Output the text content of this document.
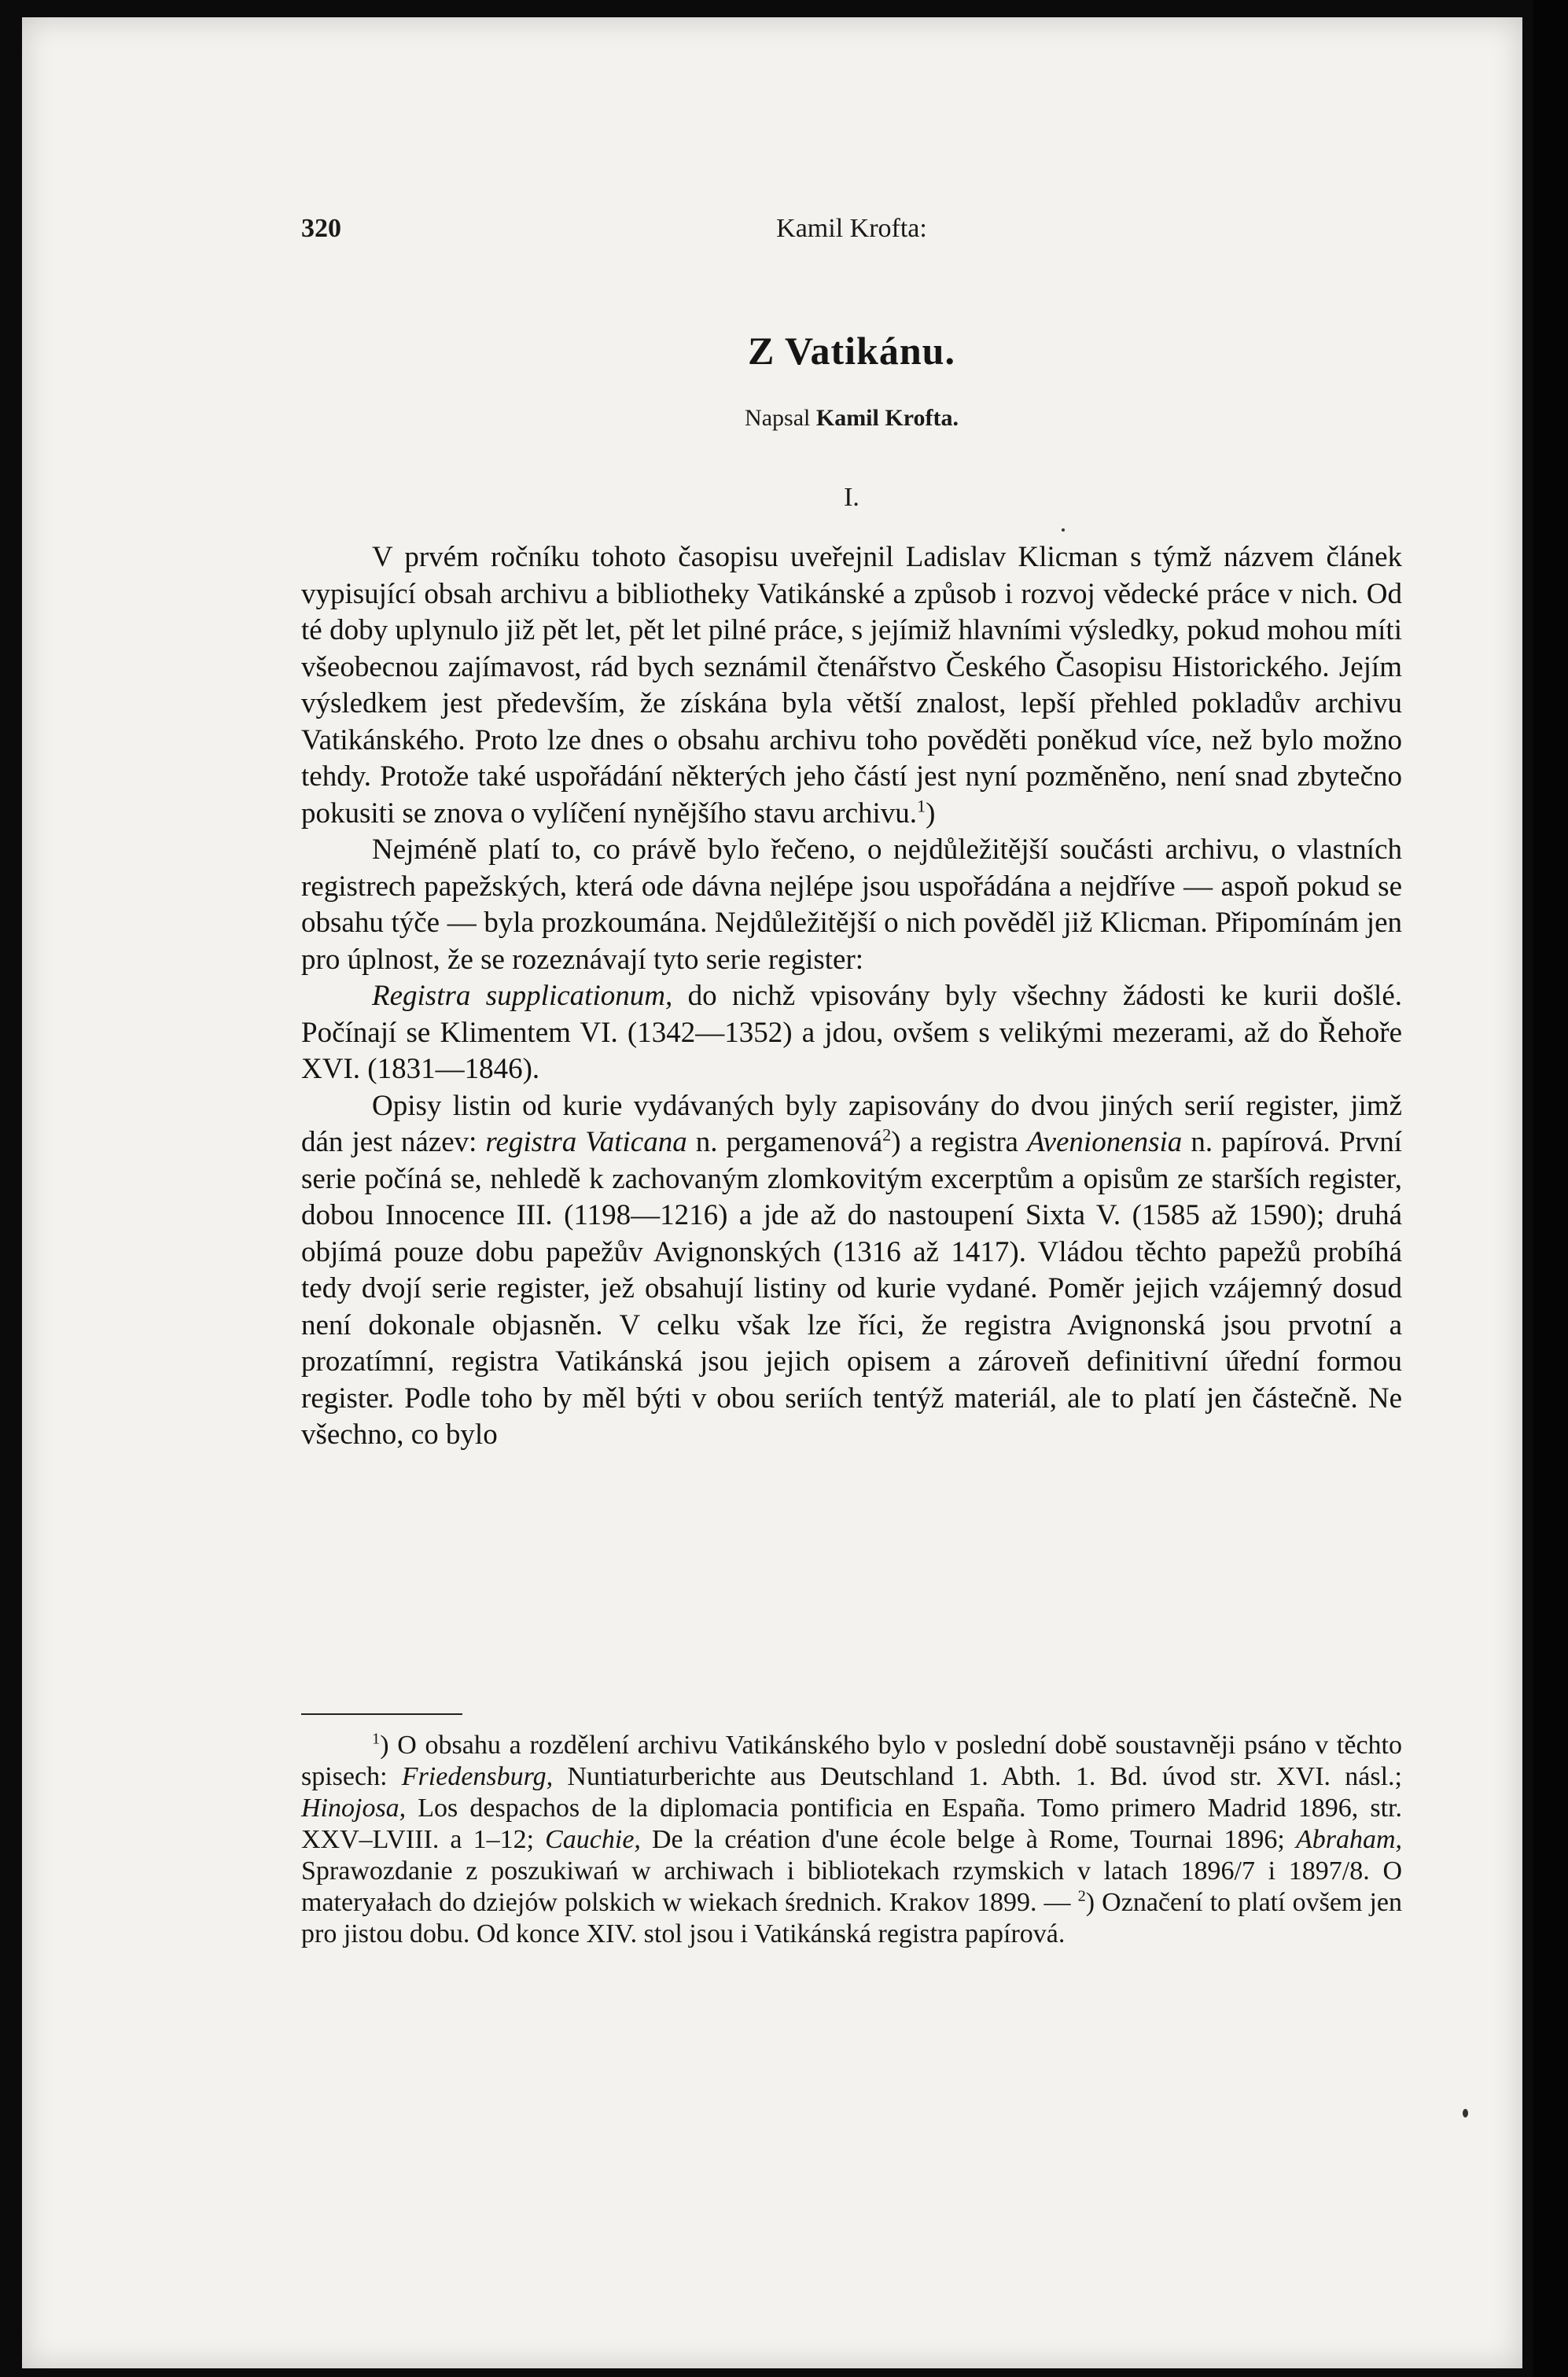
320	Kamil Krofta:
Z Vatikánu.
Napsal Kamil Krofta.
I.

V prvém ročníku tohoto časopisu uveřejnil Ladislav Klicman s týmž názvem článek vypisující obsah archivu a bibliotheky Vatikánské a způsob i rozvoj vědecké práce v nich. Od té doby uplynulo již pět let, pět let pilné práce, s jejímiž hlavními výsledky, pokud mohou míti všeobecnou zajímavost, rád bych seznámil čtenářstvo Českého Časopisu Historického. Jejím výsledkem jest především, že získána byla větší znalost, lepší přehled pokladův archivu Vatikánského. Proto lze dnes o obsahu archivu toho pověděti poněkud více, než bylo možno tehdy. Protože také uspořádání některých jeho částí jest nyní pozměněno, není snad zbytečno pokusiti se znova o vylíčení nynějšího stavu archivu.$^1$)

Nejméně platí to, co právě bylo řečeno, o nejdůležitější součásti archivu, o vlastních registrech papežských, která ode dávna nejlépe jsou uspořádána a nejdříve — aspoň pokud se obsahu týče — byla prozkoumána. Nejdůležitější o nich pověděl již Klicman. Připomínám jen pro úplnost, že se rozeznávají tyto serie register:

Registra supplicationum, do nichž vpisovány byly všechny žádosti ke kurii došlé. Počínají se Klimentem VI. (1342—1352) a jdou, ovšem s velikými mezerami, až do Řehoře XVI. (1831—1846).

Opisy listin od kurie vydávaných byly zapisovány do dvou jiných serií register, jimž dán jest název: registra Vaticana n. pergamenová$^2$) a registra Avenionensia n. papírová. První serie počíná se, nehledě k zachovaným zlomkovitým excerptům a opisům ze starších register, dobou Innocence III. (1198—1216) a jde až do nastoupení Sixta V. (1585 až 1590); druhá objímá pouze dobu papežův Avignonských (1316 až 1417). Vládou těchto papežů probíhá tedy dvojí serie register, jež obsahují listiny od kurie vydané. Poměr jejich vzájemný dosud není dokonale objasněn. V celku však lze říci, že registra Avignonská jsou prvotní a prozatímní, registra Vatikánská jsou jejich opisem a zároveň definitivní úřední formou register. Podle toho by měl býti v obou seriích tentýž materiál, ale to platí jen částečně. Ne všechno, co bylo

$^1$) O obsahu a rozdělení archivu Vatikánského bylo v poslední době soustavněji psáno v těchto spisech: Friedensburg, Nuntiaturberichte aus Deutschland 1. Abth. 1. Bd. úvod str. XVI. násl.; Hinojosa, Los despachos de la diplomacia pontificia en España. Tomo primero Madrid 1896, str. XXV–LVIII. a 1–12; Cauchie, De la création d'une école belge à Rome, Tournai 1896; Abraham, Sprawozdanie z poszukiwań w archiwach i bibliotekach rzymskich v latach 1896/7 i 1897/8. O materyałach do dziejów polskich w wiekach średnich. Krakov 1899. — $^2$) Označení to platí ovšem jen pro jistou dobu. Od konce XIV. stol jsou i Vatikánská registra papírová.
